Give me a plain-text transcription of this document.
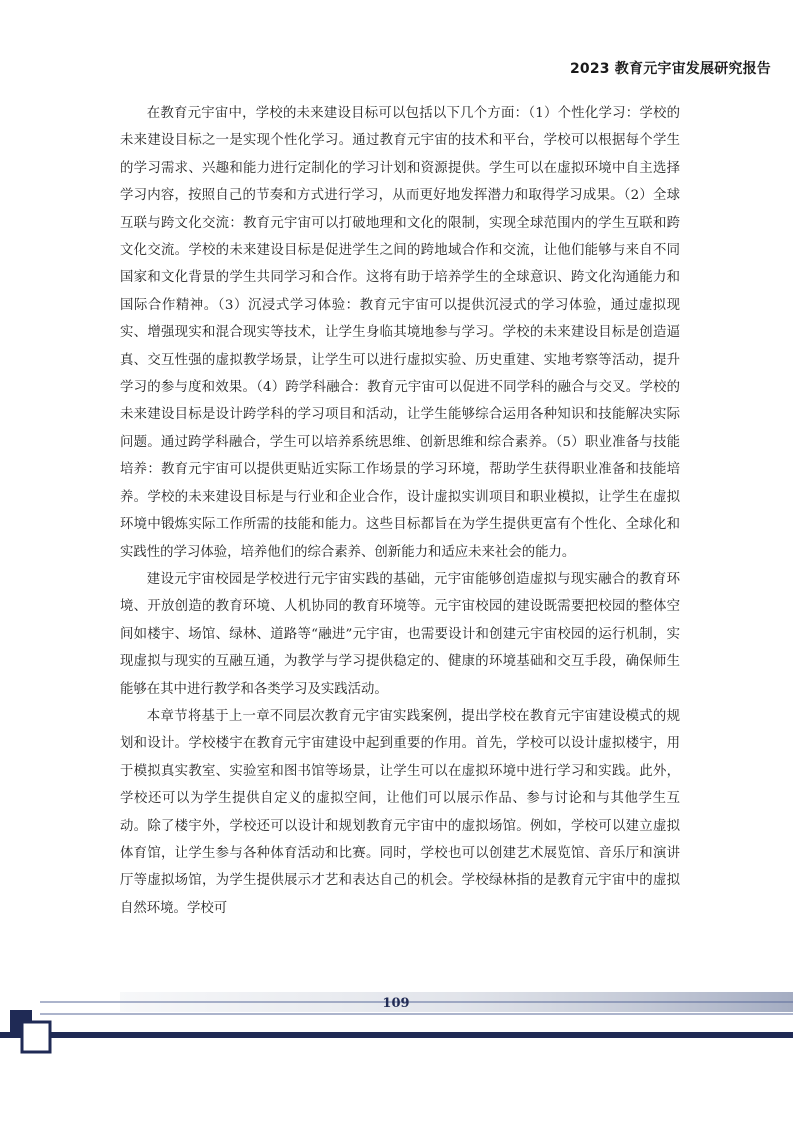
2023 教育元宇宙发展研究报告

在教育元宇宙中，学校的未来建设目标可以包括以下几个方面：（1）个性化学习：学校的未来建设目标之一是实现个性化学习。通过教育元宇宙的技术和平台，学校可以根据每个学生的学习需求、兴趣和能力进行定制化的学习计划和资源提供。学生可以在虚拟环境中自主选择学习内容，按照自己的节奏和方式进行学习，从而更好地发挥潜力和取得学习成果。（2）全球互联与跨文化交流：教育元宇宙可以打破地理和文化的限制，实现全球范围内的学生互联和跨文化交流。学校的未来建设目标是促进学生之间的跨地域合作和交流，让他们能够与来自不同国家和文化背景的学生共同学习和合作。这将有助于培养学生的全球意识、跨文化沟通能力和国际合作精神。（3）沉浸式学习体验：教育元宇宙可以提供沉浸式的学习体验，通过虚拟现实、增强现实和混合现实等技术，让学生身临其境地参与学习。学校的未来建设目标是创造逼真、交互性强的虚拟教学场景，让学生可以进行虚拟实验、历史重建、实地考察等活动，提升学习的参与度和效果。（4）跨学科融合：教育元宇宙可以促进不同学科的融合与交叉。学校的未来建设目标是设计跨学科的学习项目和活动，让学生能够综合运用各种知识和技能解决实际问题。通过跨学科融合，学生可以培养系统思维、创新思维和综合素养。（5）职业准备与技能培养：教育元宇宙可以提供更贴近实际工作场景的学习环境，帮助学生获得职业准备和技能培养。学校的未来建设目标是与行业和企业合作，设计虚拟实训项目和职业模拟，让学生在虚拟环境中锻炼实际工作所需的技能和能力。这些目标都旨在为学生提供更富有个性化、全球化和实践性的学习体验，培养他们的综合素养、创新能力和适应未来社会的能力。

建设元宇宙校园是学校进行元宇宙实践的基础，元宇宙能够创造虚拟与现实融合的教育环境、开放创造的教育环境、人机协同的教育环境等。元宇宙校园的建设既需要把校园的整体空间如楼宇、场馆、绿林、道路等“融进”元宇宙，也需要设计和创建元宇宙校园的运行机制，实现虚拟与现实的互融互通，为教学与学习提供稳定的、健康的环境基础和交互手段，确保师生能够在其中进行教学和各类学习及实践活动。

本章节将基于上一章不同层次教育元宇宙实践案例，提出学校在教育元宇宙建设模式的规划和设计。学校楼宇在教育元宇宙建设中起到重要的作用。首先，学校可以设计虚拟楼宇，用于模拟真实教室、实验室和图书馆等场景，让学生可以在虚拟环境中进行学习和实践。此外，学校还可以为学生提供自定义的虚拟空间，让他们可以展示作品、参与讨论和与其他学生互动。除了楼宇外，学校还可以设计和规划教育元宇宙中的虚拟场馆。例如，学校可以建立虚拟体育馆，让学生参与各种体育活动和比赛。同时，学校也可以创建艺术展览馆、音乐厅和演讲厅等虚拟场馆，为学生提供展示才艺和表达自己的机会。学校绿林指的是教育元宇宙中的虚拟自然环境。学校可

109
